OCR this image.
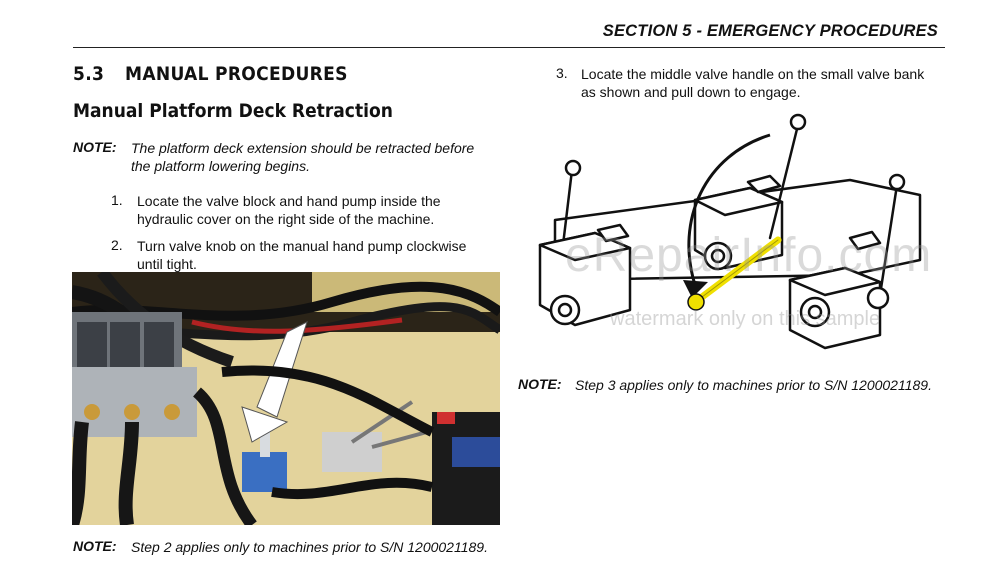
SECTION 5 - EMERGENCY PROCEDURES
5.3 MANUAL PROCEDURES
Manual Platform Deck Retraction
NOTE: The platform deck extension should be retracted before
the platform lowering begins.
1. Locate the valve block and hand pump inside the
hydraulic cover on the right side of the machine.
2. Turn valve knob on the manual hand pump clockwise
until tight.
NOTE: Step 2 applies only to machines prior to S/N 1200021189.
3. Locate the middle valve handle on the small valve bank
as shown and pull down to engage.
eRepairInfo.com
watermark only on this sample
NOTE: Step 3 applies only to machines prior to S/N 1200021189.
